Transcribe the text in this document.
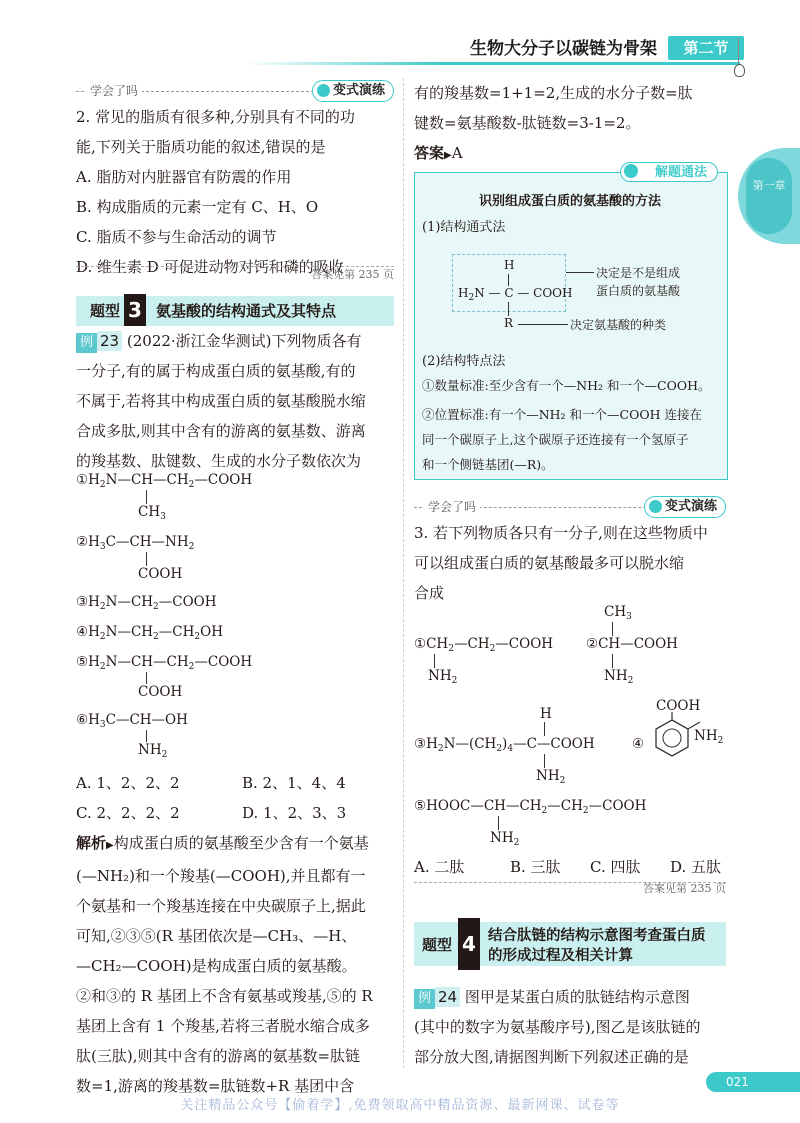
生物大分子以碳链为骨架	第二节
第一章
学会了吗	变式演练
2. 常见的脂质有很多种,分别具有不同的功
能,下列关于脂质功能的叙述,错误的是
A. 脂肪对内脏器官有防震的作用
B. 构成脂质的元素一定有 C、H、O
C. 脂质不参与生命活动的调节
D. 维生素 D 可促进动物对钙和磷的吸收
答案见第 235 页
题型 3 氨基酸的结构通式及其特点
例 23 (2022·浙江金华测试)下列物质各有
一分子,有的属于构成蛋白质的氨基酸,有的
不属于,若将其中构成蛋白质的氨基酸脱水缩
合成多肽,则其中含有的游离的氨基数、游离
的羧基数、肽键数、生成的水分子数依次为
$①H_2N—CH—CH_2—COOH$
$CH_3$
$②H_3C—CH—NH_2$
COOH
$③H_2N—CH_2—COOH$
$④H_2N—CH_2—CH_2OH$
$⑤H_2N—CH—CH_2—COOH$
COOH
$⑥H_3C—CH—OH$
$NH_2$
A. 1、2、2、2	B. 2、1、4、4
C. 2、2、2、2	D. 1、2、3、3
解析▶构成蛋白质的氨基酸至少含有一个氨基
(—NH₂)和一个羧基(—COOH),并且都有一
个氨基和一个羧基连接在中央碳原子上,据此
可知,②③⑤(R 基团依次是—CH₃、—H、
—CH₂—COOH)是构成蛋白质的氨基酸。
②和③的 R 基团上不含有氨基或羧基,⑤的 R
基团上含有 1 个羧基,若将三者脱水缩合成多
肽(三肽),则其中含有的游离的氨基数=肽链
数=1,游离的羧基数=肽链数+R 基团中含
有的羧基数=1+1=2,生成的水分子数=肽
键数=氨基酸数-肽链数=3-1=2。
答案▶A
解题通法
识别组成蛋白质的氨基酸的方法
(1)结构通式法
H
$H_2N$ — C — COOH
R
决定是不是组成
蛋白质的氨基酸
决定氨基酸的种类
(2)结构特点法
①数量标准:至少含有一个—NH₂ 和一个—COOH。
②位置标准:有一个—NH₂ 和一个—COOH 连接在
同一个碳原子上,这个碳原子还连接有一个氢原子
和一个侧链基团(—R)。
学会了吗	变式演练
3. 若下列物质各只有一分子,则在这些物质中
可以组成蛋白质的氨基酸最多可以脱水缩
合成
$①CH_2—CH_2—COOH$
$NH_2$
$CH_3$
②CH—COOH
$NH_2$
H
$③H_2N—(CH_2)_4—C—COOH$
$NH_2$
④
COOH
$NH_2$
$⑤HOOC—CH—CH_2—CH_2—COOH$
$NH_2$
A. 二肽	B. 三肽 C. 四肽 D. 五肽
答案见第 235 页
题型 4 结合肽链的结构示意图考查蛋白质
的形成过程及相关计算
例 24 图甲是某蛋白质的肽链结构示意图
(其中的数字为氨基酸序号),图乙是该肽链的
部分放大图,请据图判断下列叙述正确的是
021
关注精品公众号【偷着学】,免费领取高中精品资源、最新网课、试卷等
